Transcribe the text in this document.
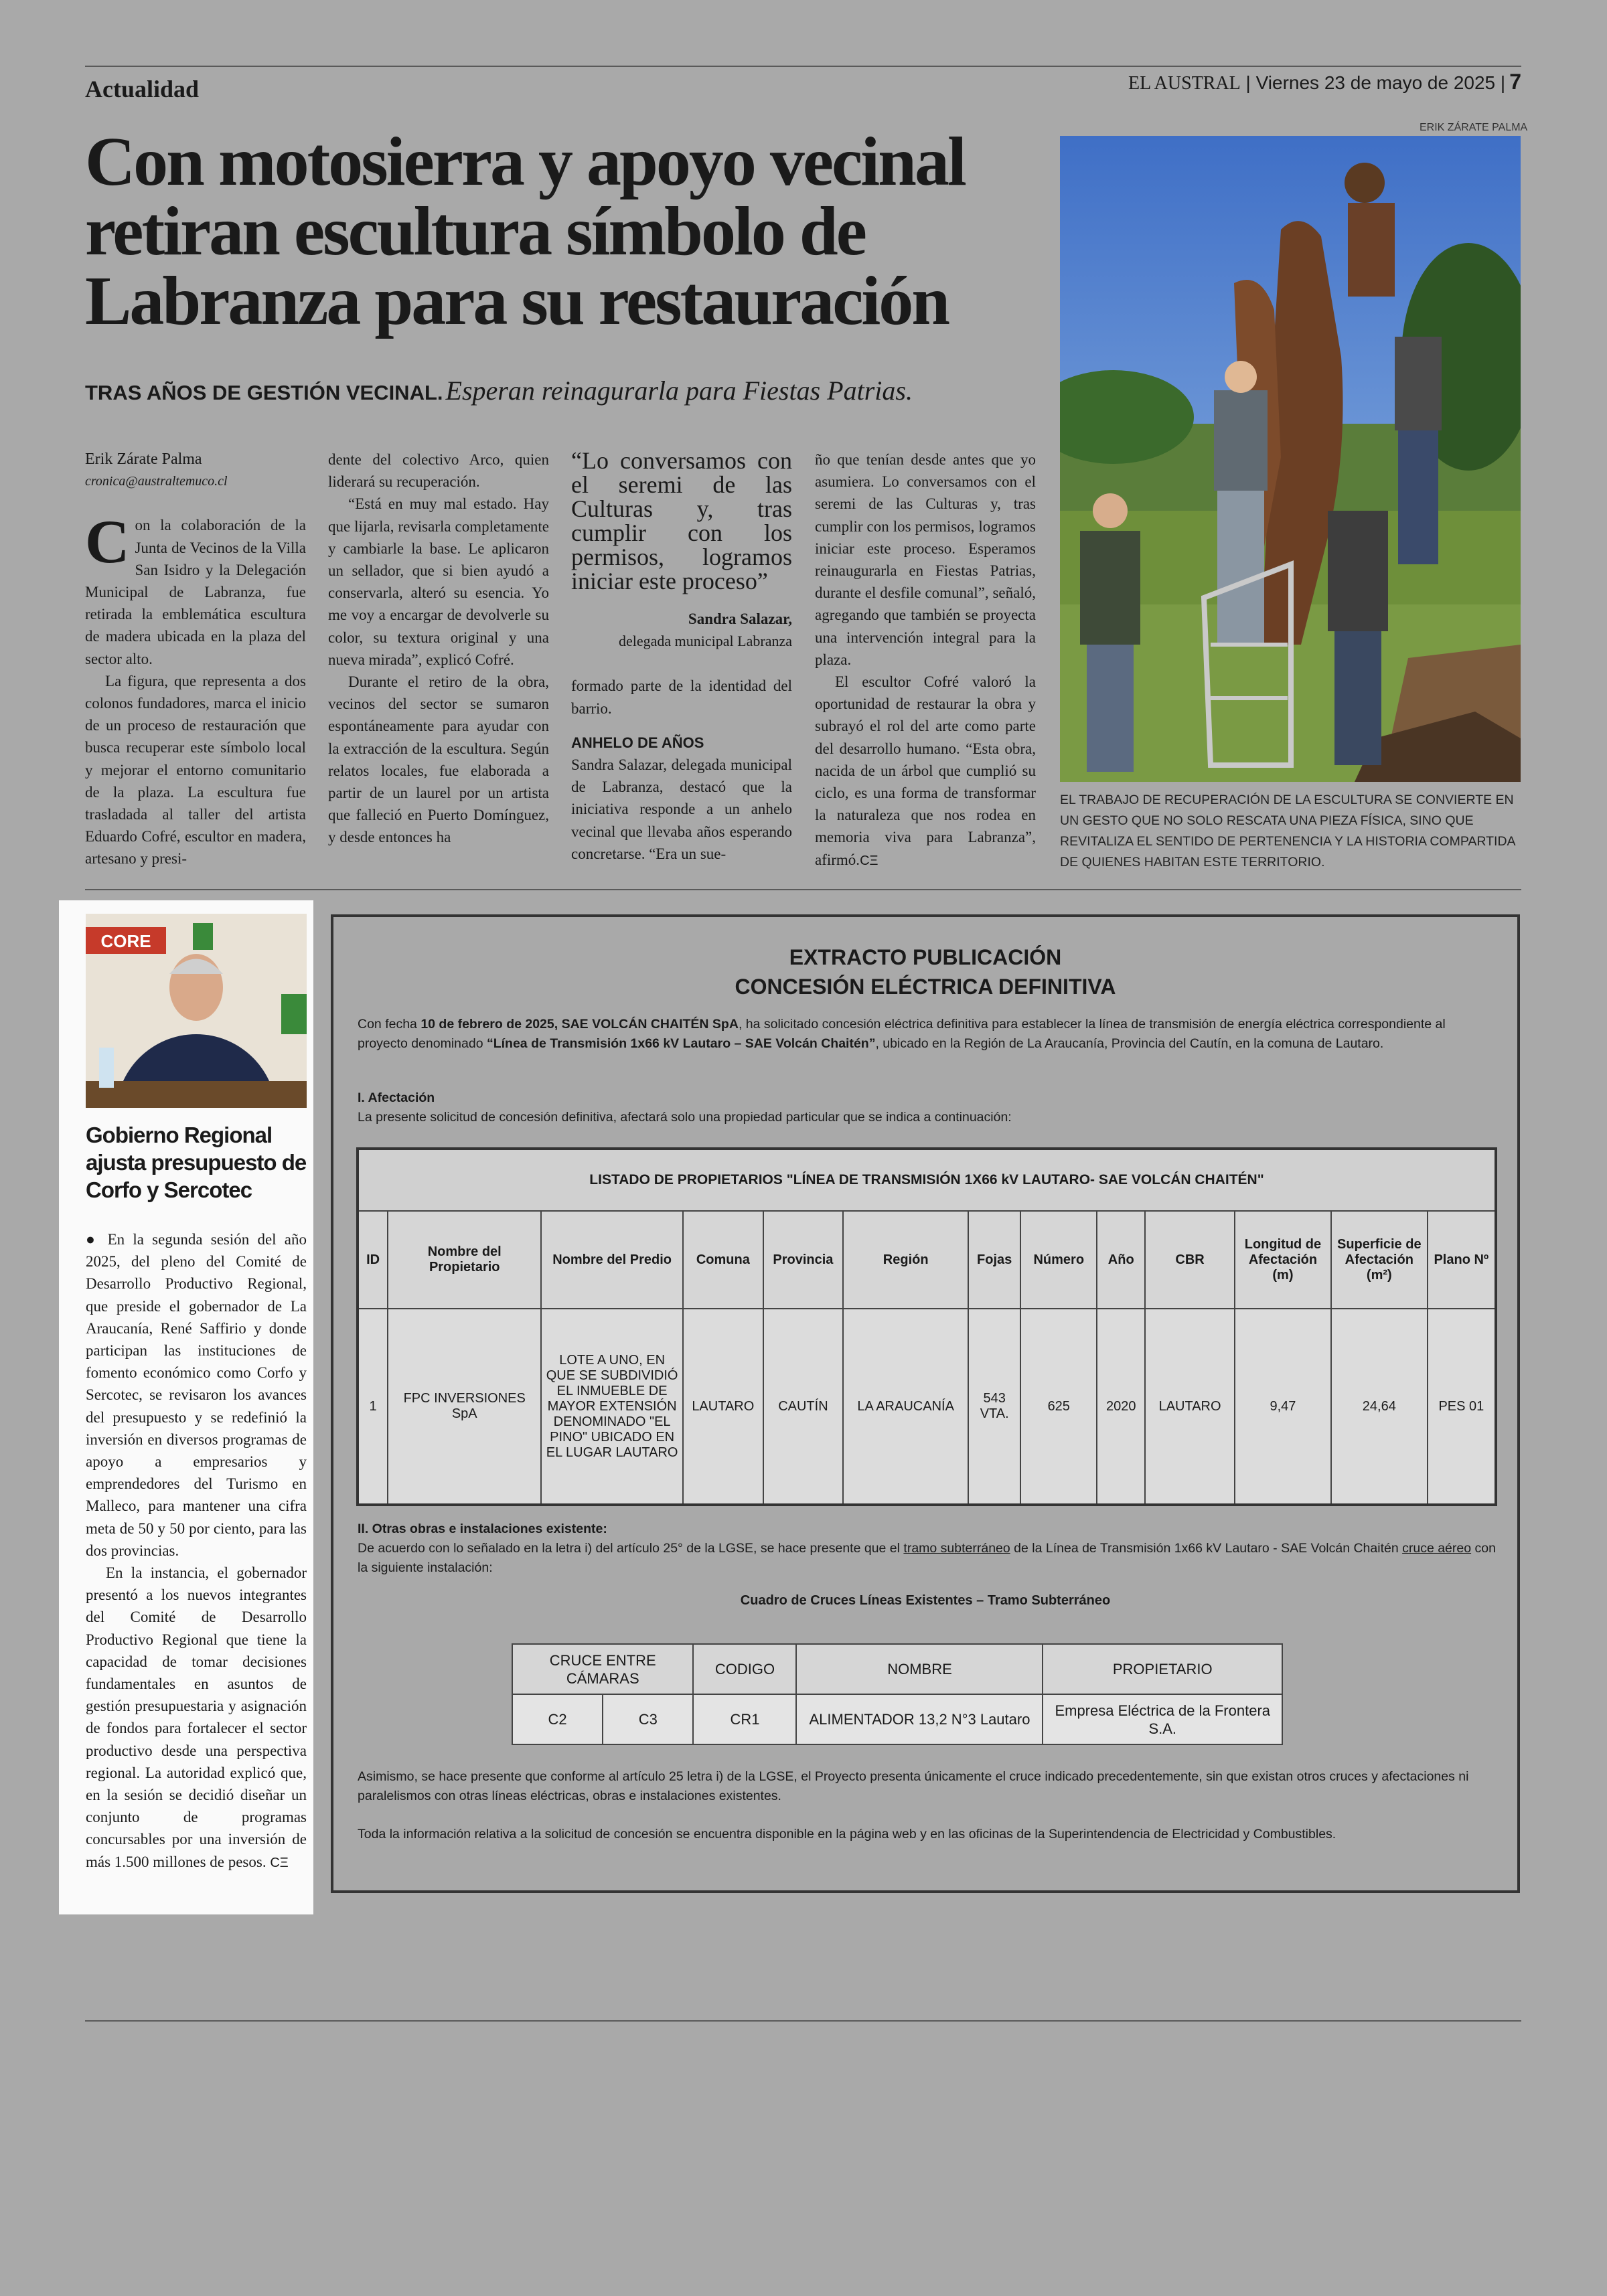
Actualidad	EL AUSTRAL | Viernes 23 de mayo de 2025 | 7
Con motosierra y apoyo vecinal retiran escultura símbolo de Labranza para su restauración
TRAS AÑOS DE GESTIÓN VECINAL. Esperan reinagurarla para Fiestas Patrias.
ERIK ZÁRATE PALMA
EL TRABAJO DE RECUPERACIÓN DE LA ESCULTURA SE CONVIERTE EN UN GESTO QUE NO SOLO RESCATA UNA PIEZA FÍSICA, SINO QUE REVITALIZA EL SENTIDO DE PERTENENCIA Y LA HISTORIA COMPARTIDA DE QUIENES HABITAN ESTE TERRITORIO.
Erik Zárate Palma
cronica@australtemuco.cl

Con la colaboración de la Junta de Vecinos de la Villa San Isidro y la Delegación Municipal de Labranza, fue retirada la emblemática escultura de madera ubicada en la plaza del sector alto.

La figura, que representa a dos colonos fundadores, marca el inicio de un proceso de restauración que busca recuperar este símbolo local y mejorar el entorno comunitario de la plaza. La escultura fue trasladada al taller del artista Eduardo Cofré, escultor en madera, artesano y presi-

dente del colectivo Arco, quien liderará su recuperación.

“Está en muy mal estado. Hay que lijarla, revisarla completamente y cambiarle la base. Le aplicaron un sellador, que si bien ayudó a conservarla, alteró su esencia. Yo me voy a encargar de devolverle su color, su textura original y una nueva mirada”, explicó Cofré.

Durante el retiro de la obra, vecinos del sector se sumaron espontáneamente para ayudar con la extracción de la escultura. Según relatos locales, fue elaborada a partir de un laurel por un artista que falleció en Puerto Domínguez, y desde entonces ha

“Lo conversamos con el seremi de las Culturas y, tras cumplir con los permisos, logramos iniciar este proceso”
Sandra Salazar,
delegada municipal Labranza

formado parte de la identidad del barrio.

ANHELO DE AÑOS

Sandra Salazar, delegada municipal de Labranza, destacó que la iniciativa responde a un anhelo vecinal que llevaba años esperando concretarse. “Era un sue-

ño que tenían desde antes que yo asumiera. Lo conversamos con el seremi de las Culturas y, tras cumplir con los permisos, logramos iniciar este proceso. Esperamos reinaugurarla en Fiestas Patrias, durante el desfile comunal”, señaló, agregando que también se proyecta una intervención integral para la plaza.

El escultor Cofré valoró la oportunidad de restaurar la obra y subrayó el rol del arte como parte del desarrollo humano. “Esta obra, nacida de un árbol que cumplió su ciclo, es una forma de transformar la naturaleza que nos rodea en memoria viva para Labranza”, afirmó.CΞ

CORE
Gobierno Regional ajusta presupuesto de Corfo y Sercotec

● En la segunda sesión del año 2025, del pleno del Comité de Desarrollo Productivo Regional, que preside el gobernador de La Araucanía, René Saffirio y donde participan las instituciones de fomento económico como Corfo y Sercotec, se revisaron los avances del presupuesto y se redefinió la inversión en diversos programas de apoyo a empresarios y emprendedores del Turismo en Malleco, para mantener una cifra meta de 50 y 50 por ciento, para las dos provincias.

En la instancia, el gobernador presentó a los nuevos integrantes del Comité de Desarrollo Productivo Regional que tiene la capacidad de tomar decisiones fundamentales en asuntos de gestión presupuestaria y asignación de fondos para fortalecer el sector productivo desde una perspectiva regional. La autoridad explicó que, en la sesión se decidió diseñar un conjunto de programas concursables por una inversión de más 1.500 millones de pesos. CΞ

EXTRACTO PUBLICACIÓN
CONCESIÓN ELÉCTRICA DEFINITIVA
Con fecha 10 de febrero de 2025, SAE VOLCÁN CHAITÉN SpA, ha solicitado concesión eléctrica definitiva para establecer la línea de transmisión de energía eléctrica correspondiente al proyecto denominado “Línea de Transmisión 1x66 kV Lautaro – SAE Volcán Chaitén”, ubicado en la Región de La Araucanía, Provincia del Cautín, en la comuna de Lautaro.
I. Afectación
La presente solicitud de concesión definitiva, afectará solo una propiedad particular que se indica a continuación:
LISTADO DE PROPIETARIOS "LÍNEA DE TRANSMISIÓN 1X66 kV LAUTARO- SAE VOLCÁN CHAITÉN"												
ID	Nombre del Propietario	Nombre del Predio	Comuna	Provincia	Región	Fojas	Número	Año	CBR	Longitud de Afectación (m)	Superficie de Afectación (m²)	Plano Nº
1	FPC INVERSIONES SpA	LOTE A UNO, EN QUE SE SUBDIVIDIÓ EL INMUEBLE DE MAYOR EXTENSIÓN DENOMINADO "EL PINO" UBICADO EN EL LUGAR LAUTARO	LAUTARO	CAUTÍN	LA ARAUCANÍA	543 VTA.	625	2020	LAUTARO	9,47	24,64	PES 01
II. Otras obras e instalaciones existente:
De acuerdo con lo señalado en la letra i) del artículo 25° de la LGSE, se hace presente que el tramo subterráneo de la Línea de Transmisión 1x66 kV Lautaro - SAE Volcán Chaitén cruce aéreo con la siguiente instalación:
Cuadro de Cruces Líneas Existentes – Tramo Subterráneo
CRUCE ENTRE CÁMARAS		CODIGO	NOMBRE	PROPIETARIO
C2	C3	CR1	ALIMENTADOR 13,2 N°3 Lautaro	Empresa Eléctrica de la Frontera S.A.
Asimismo, se hace presente que conforme al artículo 25 letra i) de la LGSE, el Proyecto presenta únicamente el cruce indicado precedentemente, sin que existan otros cruces y afectaciones ni paralelismos con otras líneas eléctricas, obras e instalaciones existentes.
Toda la información relativa a la solicitud de concesión se encuentra disponible en la página web y en las oficinas de la Superintendencia de Electricidad y Combustibles.
